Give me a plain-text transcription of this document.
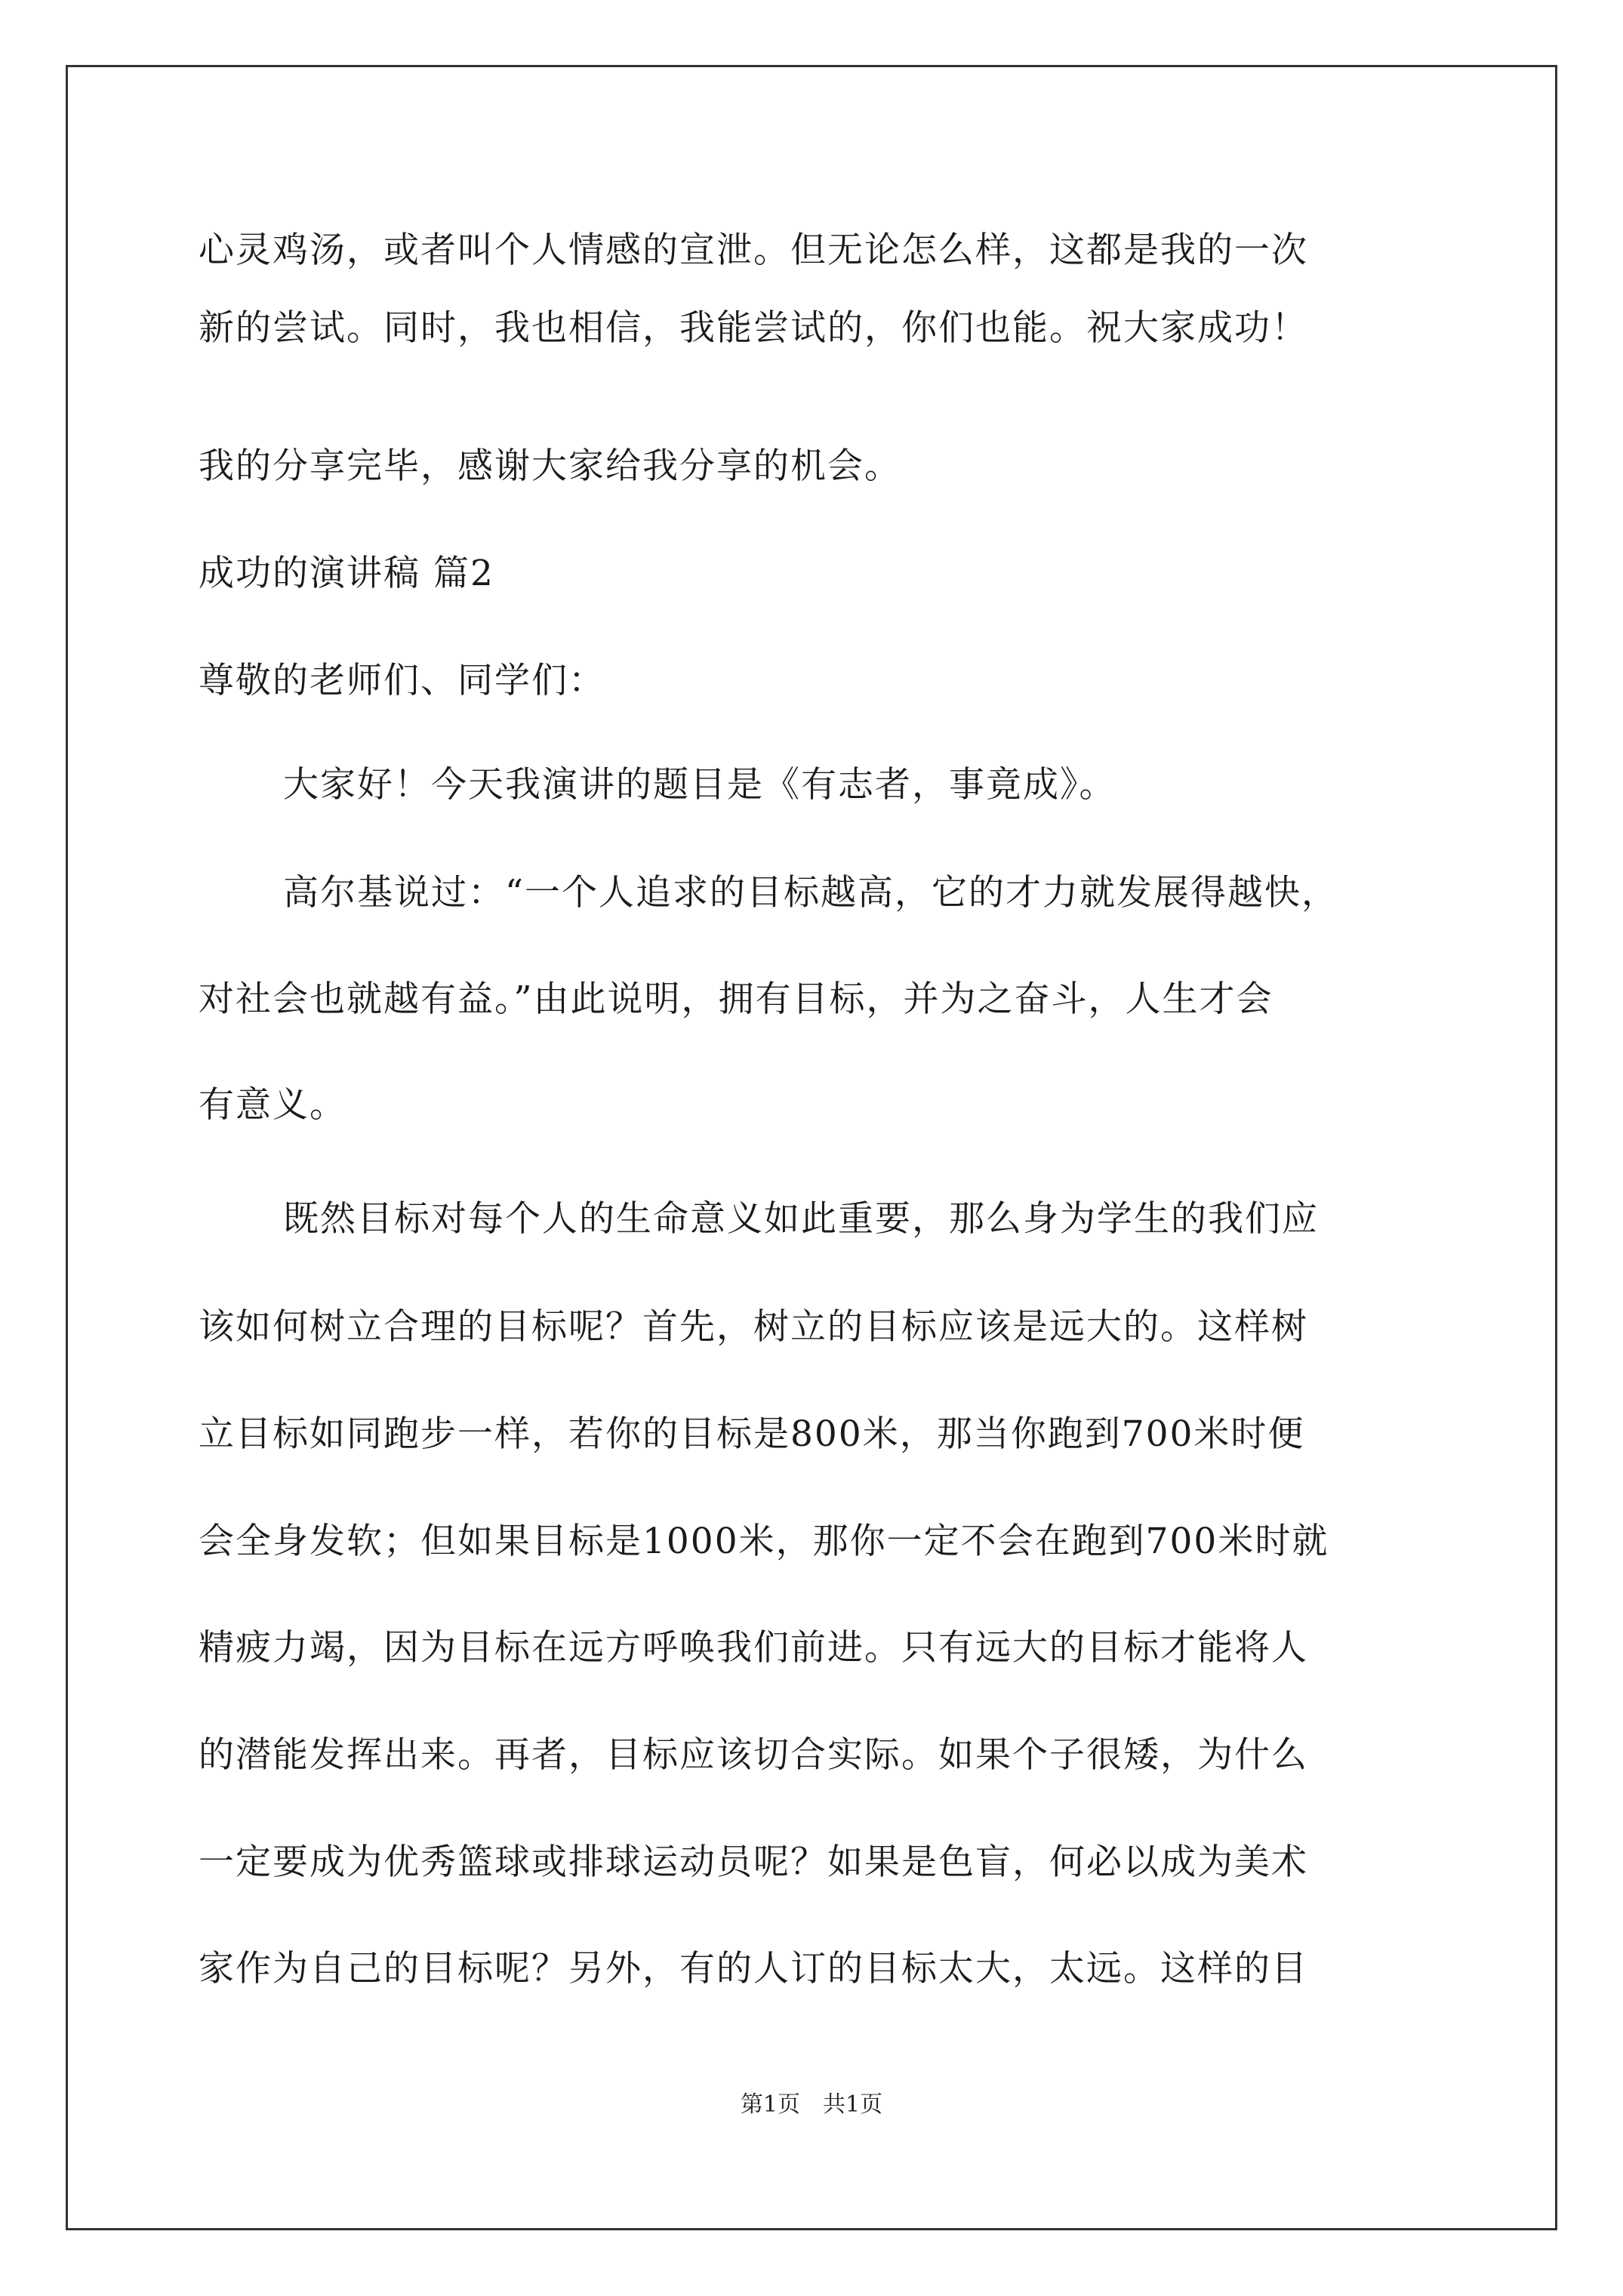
心灵鸡汤，或者叫个人情感的宣泄。但无论怎么样，这都是我的一次
新的尝试。同时，我也相信，我能尝试的，你们也能。祝大家成功！
我的分享完毕，感谢大家给我分享的机会。
成功的演讲稿 篇2
尊敬的老师们、同学们：
大家好！今天我演讲的题目是《有志者，事竟成》。
高尔基说过：“一个人追求的目标越高，它的才力就发展得越快，
对社会也就越有益。”由此说明，拥有目标，并为之奋斗，人生才会
有意义。
既然目标对每个人的生命意义如此重要，那么身为学生的我们应
该如何树立合理的目标呢？首先，树立的目标应该是远大的。这样树
立目标如同跑步一样，若你的目标是800米，那当你跑到700米时便
会全身发软；但如果目标是1000米，那你一定不会在跑到700米时就
精疲力竭，因为目标在远方呼唤我们前进。只有远大的目标才能将人
的潜能发挥出来。再者，目标应该切合实际。如果个子很矮，为什么
一定要成为优秀篮球或排球运动员呢？如果是色盲，何必以成为美术
家作为自己的目标呢？另外，有的人订的目标太大，太远。这样的目
第1页　共1页
